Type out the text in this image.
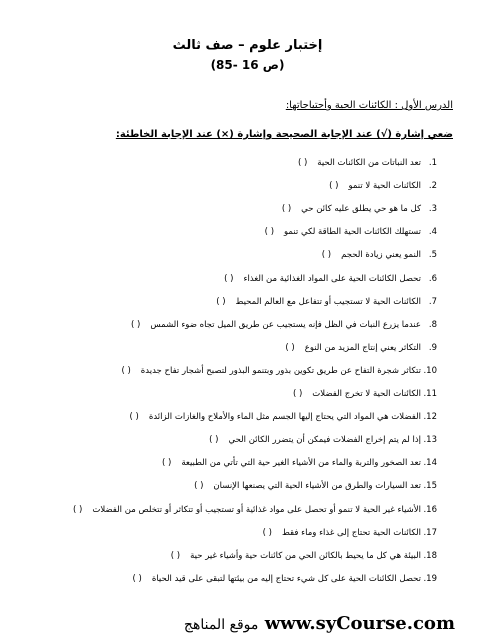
إختبار علوم – صف ثالث
(ص 16 -85)
الدرس الأول : الكائنات الحية وأحتياجاتها:
ضعي إشارة (√) عند الإجابة الصحيحة وإشارة (×) عند الإجابة الخاطئة:
1.تعد النباتات من الكائنات الحية( )
2.الكائنات الحية لا تنمو( )
3.كل ما هو حي يطلق عليه كائن حي( )
4.تستهلك الكائنات الحية الطاقة لكي تنمو( )
5.النمو يعني زيادة الحجم( )
6.تحصل الكائنات الحية على المواد الغذائية من الغذاء( )
7.الكائنات الحية لا تستجيب أو تتفاعل مع العالم المحيط( )
8.عندما يزرع النبات في الظل فإنه يستجيب عن طريق الميل تجاه ضوء الشمس( )
9.التكاثر يعني إنتاج المزيد من النوع( )
10.تتكاثر شجرة التفاح عن طريق تكوين بذور وبتنمو البذور لتصبح أشجار تفاح جديدة( )
11.الكائنات الحية لا تخرج الفضلات( )
12.الفضلات هي المواد التي يحتاج إليها الجسم مثل الماء والأملاح والغازات الزائدة( )
13.إذا لم يتم إخراج الفضلات فيمكن أن يتضرر الكائن الحي( )
14.تعد الصخور والتربة والماء من الأشياء الغير حية التي تأتي من الطبيعة( )
15.تعد السيارات والطرق من الأشياء الحية التي يصنعها الإنسان( )
16.الأشياء غير الحية لا تنمو أو تحصل على مواد غذائية أو تستجيب أو تتكاثر أو تتخلص من الفضلات( )
17.الكائنات الحية تحتاج إلى غذاء وماء فقط( )
18.البيئة هي كل ما يحيط بالكائن الحي من كائنات حية وأشياء غير حية( )
19.تحصل الكائنات الحية على كل شيء تحتاج إليه من بيئتها لتبقى على قيد الحياة( )
www.syCourse.com موقع المناهج
